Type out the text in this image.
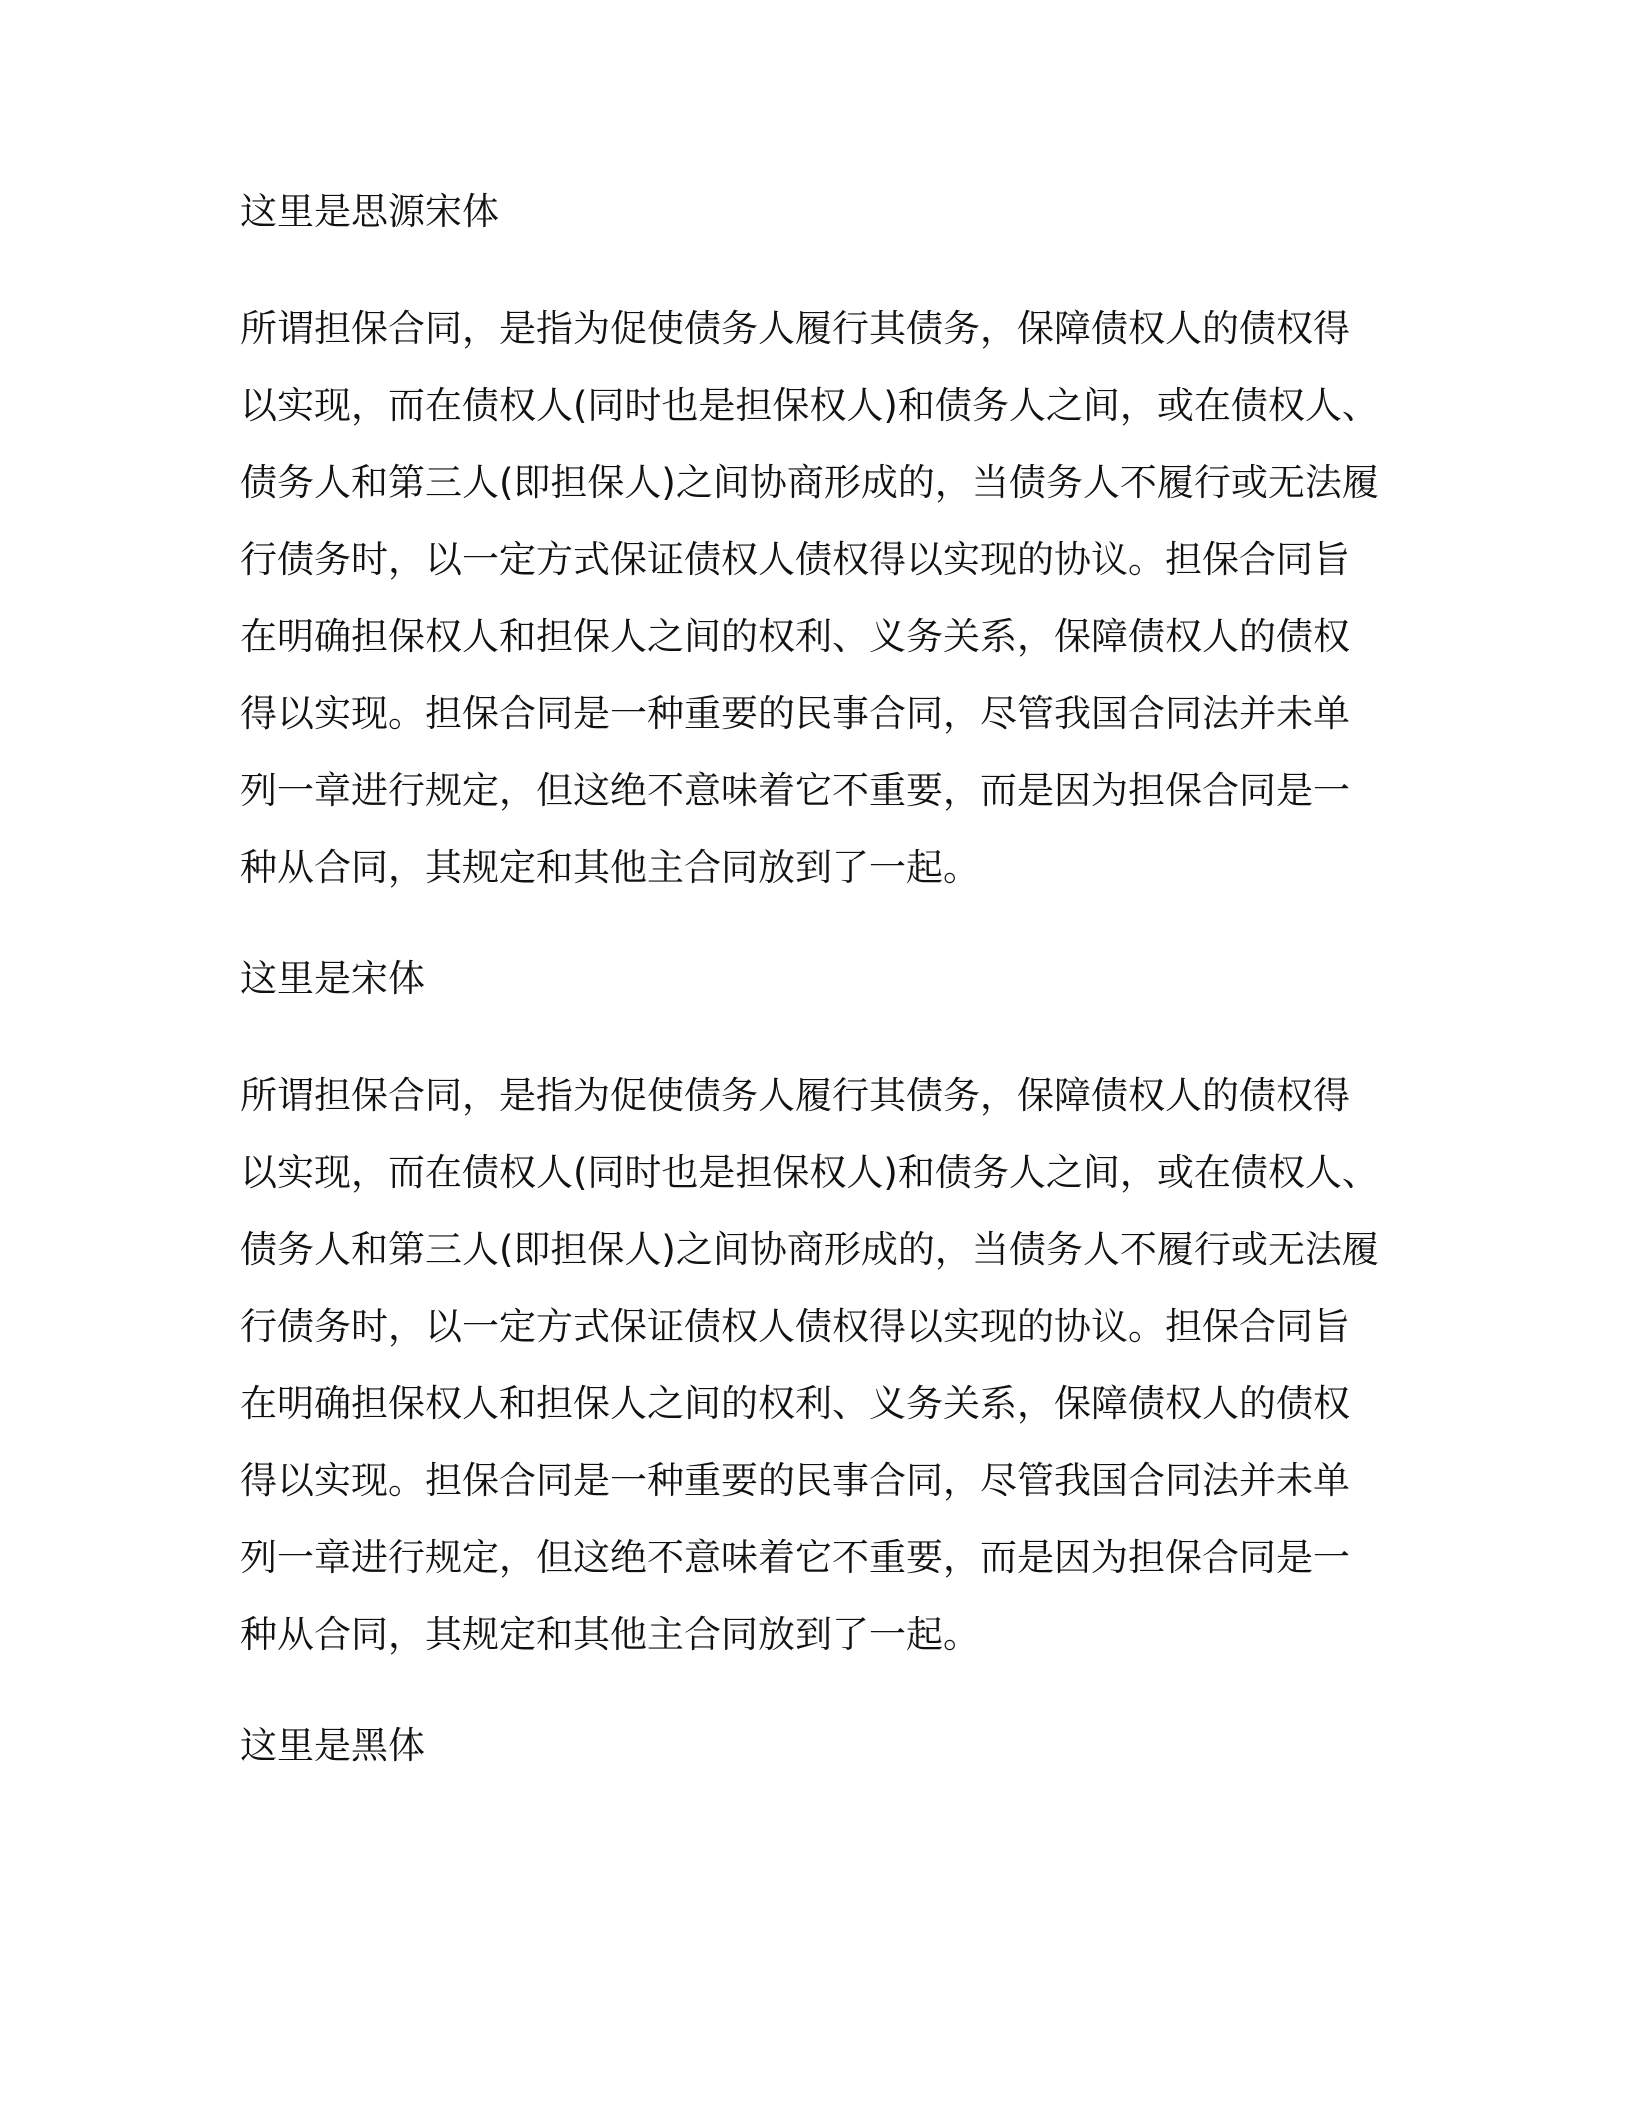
这里是思源宋体

所谓担保合同，是指为促使债务人履行其债务，保障债权人的债权得
以实现，而在债权人(同时也是担保权人)和债务人之间，或在债权人、
债务人和第三人(即担保人)之间协商形成的，当债务人不履行或无法履
行债务时，以一定方式保证债权人债权得以实现的协议。担保合同旨
在明确担保权人和担保人之间的权利、义务关系，保障债权人的债权
得以实现。担保合同是一种重要的民事合同，尽管我国合同法并未单
列一章进行规定，但这绝不意味着它不重要，而是因为担保合同是一
种从合同，其规定和其他主合同放到了一起。

这里是宋体

所谓担保合同，是指为促使债务人履行其债务，保障债权人的债权得
以实现，而在债权人(同时也是担保权人)和债务人之间，或在债权人、
债务人和第三人(即担保人)之间协商形成的，当债务人不履行或无法履
行债务时，以一定方式保证债权人债权得以实现的协议。担保合同旨
在明确担保权人和担保人之间的权利、义务关系，保障债权人的债权
得以实现。担保合同是一种重要的民事合同，尽管我国合同法并未单
列一章进行规定，但这绝不意味着它不重要，而是因为担保合同是一
种从合同，其规定和其他主合同放到了一起。

这里是黑体
